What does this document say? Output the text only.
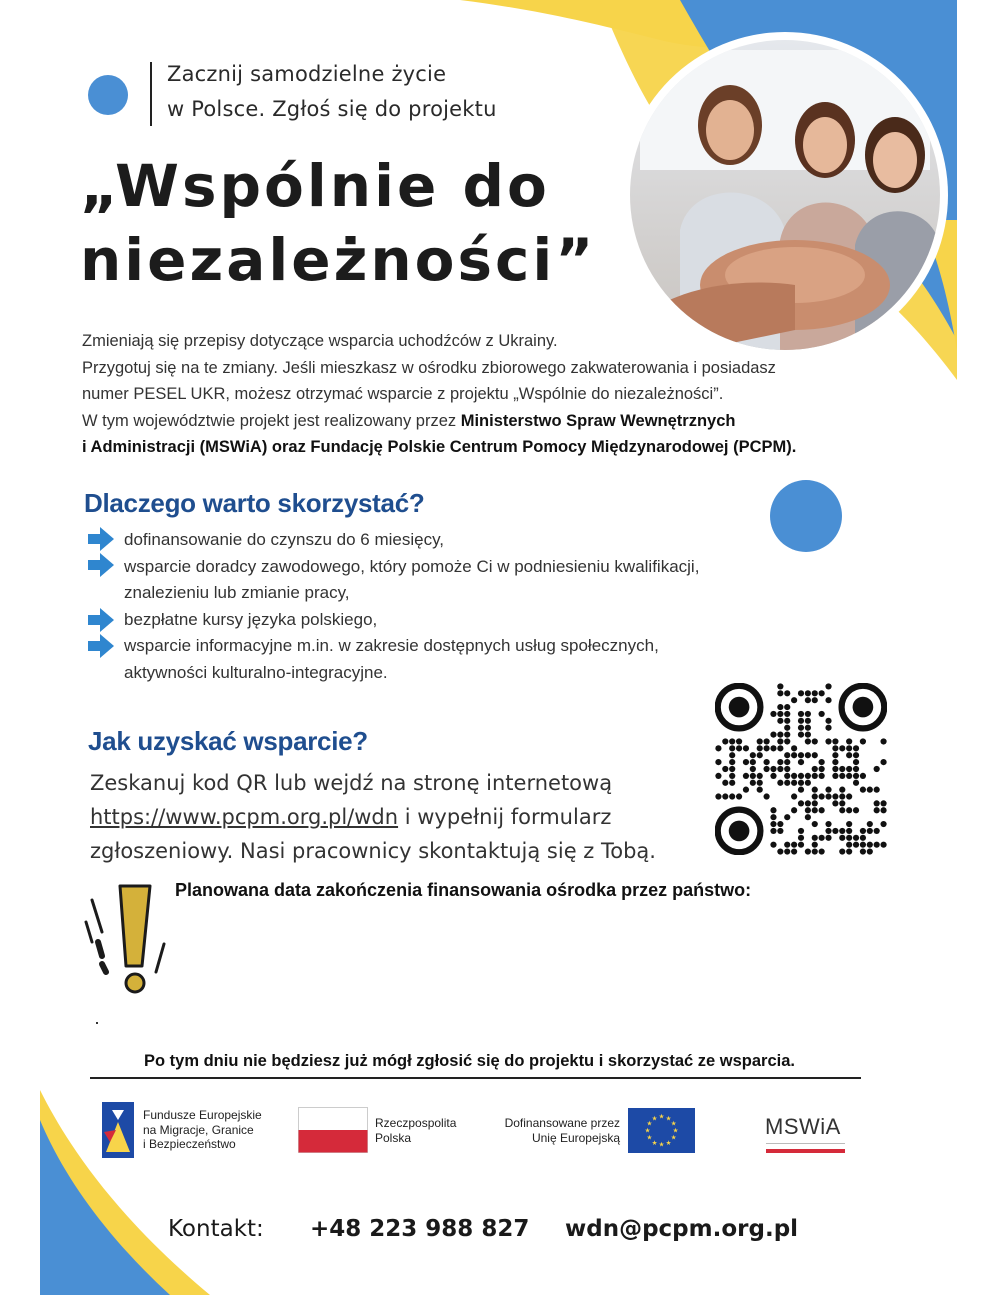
Zacznij samodzielne życie
w Polsce. Zgłoś się do projektu
„Wspólnie do
niezależności”
Zmieniają się przepisy dotyczące wsparcia uchodźców z Ukrainy.
Przygotuj się na te zmiany. Jeśli mieszkasz w ośrodku zbiorowego zakwaterowania i posiadasz
numer PESEL UKR, możesz otrzymać wsparcie z projektu „Wspólnie do niezależności”.
W tym województwie projekt jest realizowany przez Ministerstwo Spraw Wewnętrznych
i Administracji (MSWiA) oraz Fundację Polskie Centrum Pomocy Międzynarodowej (PCPM).
Dlaczego warto skorzystać?
dofinansowanie do czynszu do 6 miesięcy,
wsparcie doradcy zawodowego, który pomoże Ci w podniesieniu kwalifikacji,
znalezieniu lub zmianie pracy,
bezpłatne kursy języka polskiego,
wsparcie informacyjne m.in. w zakresie dostępnych usług społecznych,
aktywności kulturalno-integracyjne.
Jak uzyskać wsparcie?
Zeskanuj kod QR lub wejdź na stronę internetową
https://www.pcpm.org.pl/wdn i wypełnij formularz
zgłoszeniowy. Nasi pracownicy skontaktują się z Tobą.
Planowana data zakończenia finansowania ośrodka przez państwo:
Po tym dniu nie będziesz już mógł zgłosić się do projektu i skorzystać ze wsparcia.
Fundusze Europejskie
na Migracje, Granice
i Bezpieczeństwo
Rzeczpospolita
Polska
Dofinansowane przez
Unię Europejską	★
★
★
★
★
★
★
★
★ ★ ★
★	MSWiA
Kontakt: +48 223 988 827 wdn@pcpm.org.pl
